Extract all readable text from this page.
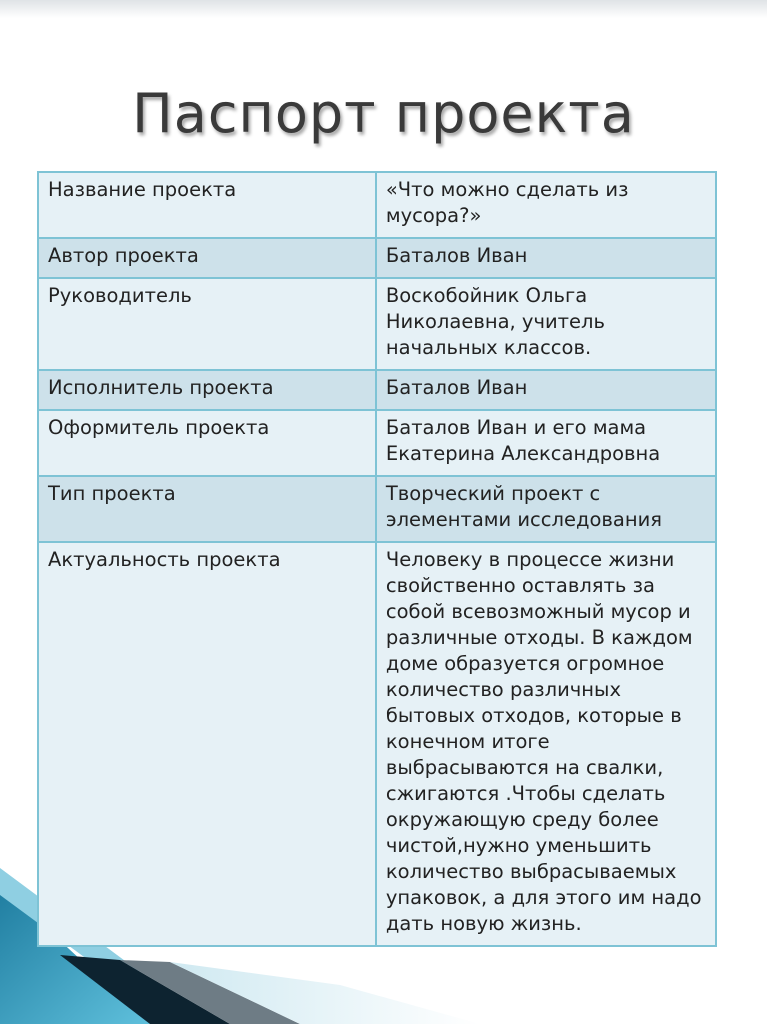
Паспорт проекта
Название проекта	«Что можно сделать из мусора?»
Автор проекта	Баталов Иван
Руководитель	Воскобойник Ольга Николаевна, учитель начальных классов.
Исполнитель проекта	Баталов Иван
Оформитель проекта	Баталов Иван и его мама Екатерина Александровна
Тип проекта	Творческий проект с элементами исследования
Актуальность проекта	Человеку в процессе жизни свойственно оставлять за собой всевозможный мусор и различные отходы. В каждом доме образуется огромное количество различных бытовых отходов, которые в конечном итоге выбрасываются на свалки, сжигаются .Чтобы сделать окружающую среду более чистой,нужно уменьшить количество выбрасываемых упаковок, а для этого им надо дать новую жизнь.
